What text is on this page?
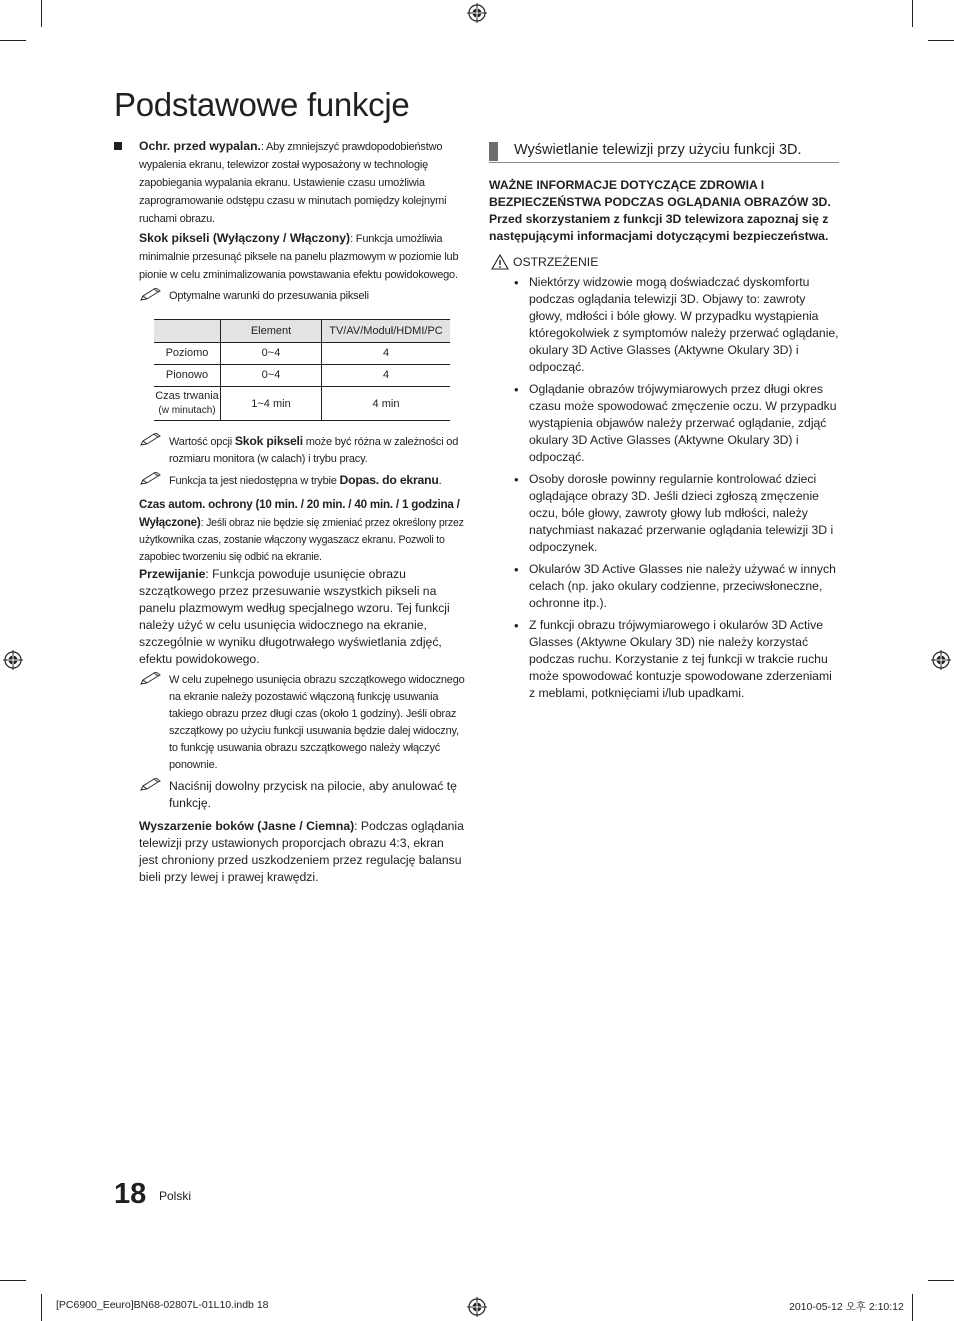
Podstawowe funkcje

Ochr. przed wypalan.: Aby zmniejszyć prawdopodobieństwo wypalenia ekranu, telewizor został wyposażony w technologię zapobiegania wypalania ekranu. Ustawienie czasu umożliwia zaprogramowanie odstępu czasu w minutach pomiędzy kolejnymi ruchami obrazu.

Skok pikseli (Wyłączony / Włączony): Funkcja umożliwia minimalnie przesunąć piksele na panelu plazmowym w poziomie lub pionie w celu zminimalizowania powstawania efektu powidokowego.

Optymalne warunki do przesuwania pikseli

	Element	TV/AV/Moduł/HDMI/PC
Poziomo	0~4	4
Pionowo	0~4	4
Czas trwania
(w minutach)	1~4 min	4 min

Wartość opcji Skok pikseli może być różna w zależności od rozmiaru monitora (w calach) i trybu pracy.

Funkcja ta jest niedostępna w trybie Dopas. do ekranu.

Czas autom. ochrony (10 min. / 20 min. / 40 min. / 1 godzina / Wyłączone): Jeśli obraz nie będzie się zmieniać przez określony przez użytkownika czas, zostanie włączony wygaszacz ekranu. Pozwoli to zapobiec tworzeniu się odbić na ekranie.

Przewijanie: Funkcja powoduje usunięcie obrazu szczątkowego przez przesuwanie wszystkich pikseli na panelu plazmowym według specjalnego wzoru. Tej funkcji należy użyć w celu usunięcia widocznego na ekranie, szczególnie w wyniku długotrwałego wyświetlania zdjęć, efektu powidokowego.

W celu zupełnego usunięcia obrazu szczątkowego widocznego na ekranie należy pozostawić włączoną funkcję usuwania takiego obrazu przez długi czas (około 1 godziny). Jeśli obraz szczątkowy po użyciu funkcji usuwania będzie dalej widoczny, to funkcję usuwania obrazu szczątkowego należy włączyć ponownie.

Naciśnij dowolny przycisk na pilocie, aby anulować tę funkcję.

Wyszarzenie boków (Jasne / Ciemna): Podczas oglądania telewizji przy ustawionych proporcjach obrazu 4:3, ekran jest chroniony przed uszkodzeniem przez regulację balansu bieli przy lewej i prawej krawędzi.

Wyświetlanie telewizji przy użyciu funkcji 3D.

WAŻNE INFORMACJE DOTYCZĄCE ZDROWIA I BEZPIECZEŃSTWA PODCZAS OGLĄDANIA OBRAZÓW 3D.

Przed skorzystaniem z funkcji 3D telewizora zapoznaj się z następującymi informacjami dotyczącymi bezpieczeństwa.

OSTRZEŻENIE
• Niektórzy widzowie mogą doświadczać dyskomfortu podczas oglądania telewizji 3D. Objawy to: zawroty głowy, mdłości i bóle głowy. W przypadku wystąpienia któregokolwiek z symptomów należy przerwać oglądanie, okulary 3D Active Glasses (Aktywne Okulary 3D) i odpocząć.
• Oglądanie obrazów trójwymiarowych przez długi okres czasu może spowodować zmęczenie oczu. W przypadku wystąpienia objawów należy przerwać oglądanie, zdjąć okulary 3D Active Glasses (Aktywne Okulary 3D) i odpocząć.
• Osoby dorosłe powinny regularnie kontrolować dzieci oglądające obrazy 3D. Jeśli dzieci zgłoszą zmęczenie oczu, bóle głowy, zawroty głowy lub mdłości, należy natychmiast nakazać przerwanie oglądania telewizji 3D i odpoczynek.
• Okularów 3D Active Glasses nie należy używać w innych celach (np. jako okulary codzienne, przeciwsłoneczne, ochronne itp.).
• Z funkcji obrazu trójwymiarowego i okularów 3D Active Glasses (Aktywne Okulary 3D) nie należy korzystać podczas ruchu. Korzystanie z tej funkcji w trakcie ruchu może spowodować kontuzje spowodowane zderzeniami z meblami, potknięciami i/lub upadkami.
18 Polski
[PC6900_Eeuro]BN68-02807L-01L10.indb 18	2010-05-12 오후 2:10:12
